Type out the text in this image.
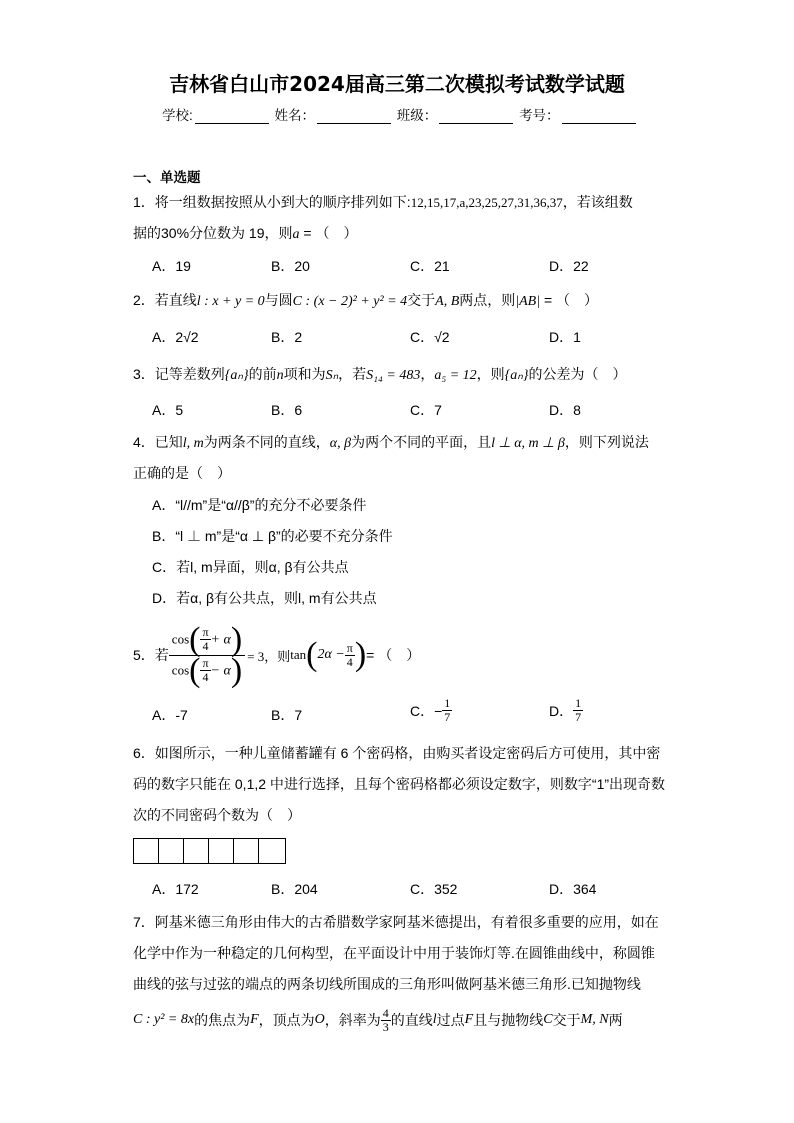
吉林省白山市2024届高三第二次模拟考试数学试题
学校:	姓名：	班级：	考号：
一、单选题
1．将一组数据按照从小到大的顺序排列如下:12,15,17,a,23,25,27,31,36,37，若该组数
据的30%分位数为 19，则a = （　）
A．19	B．20	C．21	D．22
2．若直线l : x + y = 0与圆C : (x − 2)² + y² = 4交于A, B两点，则|AB| = （　）
A．2√2	B．2	C．√2	D．1
3．记等差数列{aₙ}的前n项和为Sₙ，若S₁₄ = 483，a₅ = 12，则{aₙ}的公差为（　）
A．5	B．6	C．7	D．8
4．已知l, m为两条不同的直线，α, β为两个不同的平面，且l ⊥ α, m ⊥ β，则下列说法
正确的是（　）
A．“l//m”是“α//β”的充分不必要条件
B．“l ⊥ m”是“α ⊥ β”的必要不充分条件
C．若l, m异面，则α, β有公共点
D．若α, β有公共点，则l, m有公共点
5．若 $\frac{\cos( \frac{\pi}{4} + \alpha)}{\cos( \frac{\pi}{4} - \alpha)} = 3$，则 tan ( $2\alpha - \frac{\pi}{4}$ ) = （　）
A．-7	B．7	C．− $\frac{1}{7}$	D． $\frac{1}{7}$
6．如图所示，一种儿童储蓄罐有 6 个密码格，由购买者设定密码后方可使用，其中密
码的数字只能在 0,1,2 中进行选择，且每个密码格都必须设定数字，则数字“1”出现奇数
次的不同密码个数为（　）
A．172	B．204	C．352	D．364
7．阿基米德三角形由伟大的古希腊数学家阿基米德提出，有着很多重要的应用，如在
化学中作为一种稳定的几何构型，在平面设计中用于装饰灯等.在圆锥曲线中，称圆锥
曲线的弦与过弦的端点的两条切线所围成的三角形叫做阿基米德三角形.已知抛物线
C : y² = 8x 的焦点为 F ，顶点为 O ，斜率为 $\frac{4}{3}$ 的直线 l 过点 F 且与抛物线 C 交于 M, N 两
